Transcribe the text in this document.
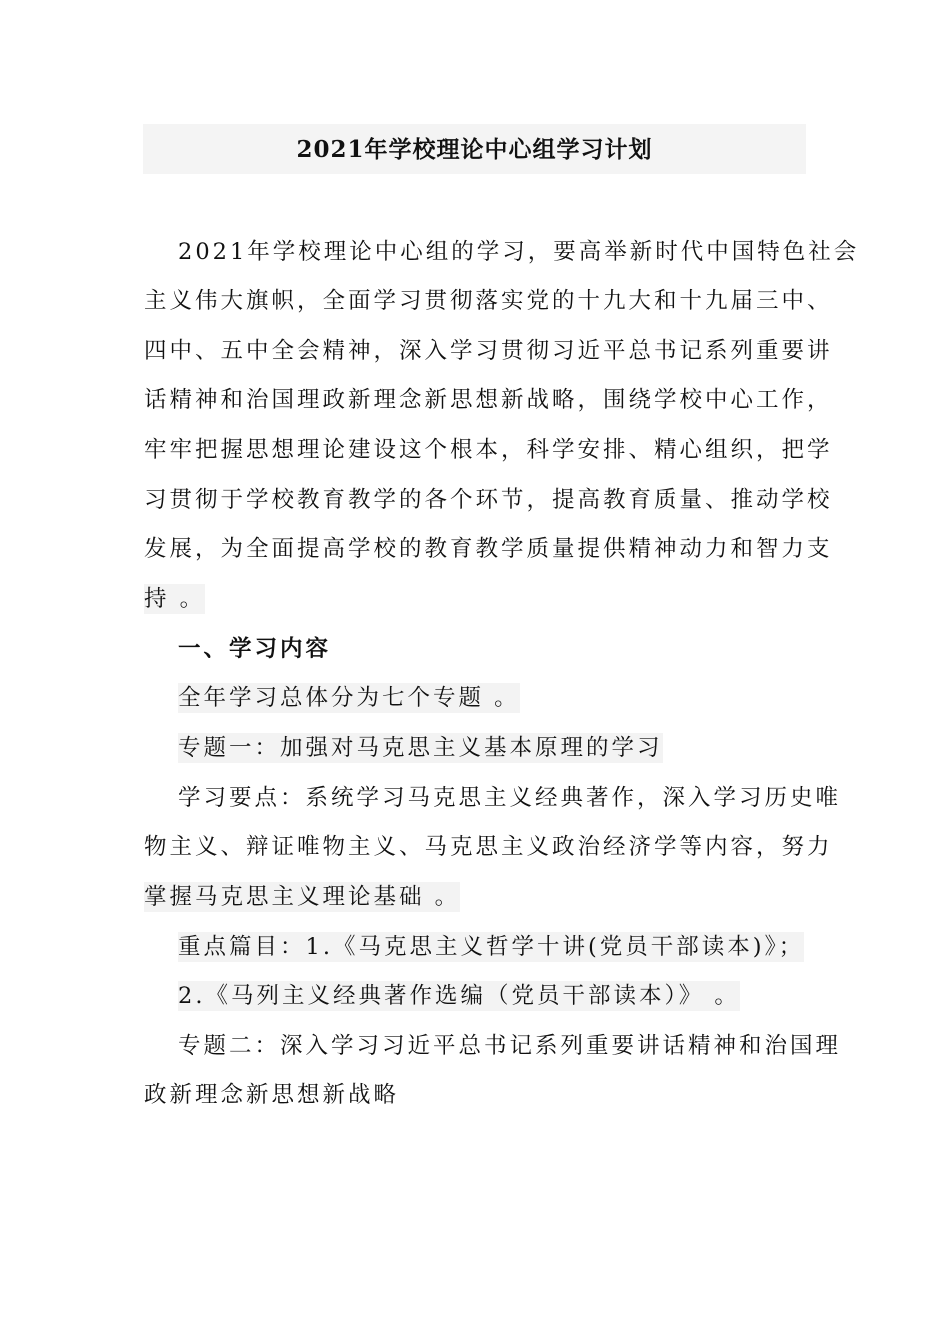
2021年学校理论中心组学习计划
2021年学校理论中心组的学习，要高举新时代中国特色社会
主义伟大旗帜，全面学习贯彻落实党的十九大和十九届三中、
四中、五中全会精神，深入学习贯彻习近平总书记系列重要讲
话精神和治国理政新理念新思想新战略，围绕学校中心工作，
牢牢把握思想理论建设这个根本，科学安排、精心组织，把学
习贯彻于学校教育教学的各个环节，提高教育质量、推动学校
发展，为全面提高学校的教育教学质量提供精神动力和智力支
持 。
一、学习内容
全年学习总体分为七个专题 。
专题一：加强对马克思主义基本原理的学习
学习要点：系统学习马克思主义经典著作，深入学习历史唯
物主义、辩证唯物主义、马克思主义政治经济学等内容，努力
掌握马克思主义理论基础 。
重点篇目：1.《马克思主义哲学十讲(党员干部读本)》；
2.《马列主义经典著作选编（党员干部读本）》 。
专题二：深入学习习近平总书记系列重要讲话精神和治国理
政新理念新思想新战略
